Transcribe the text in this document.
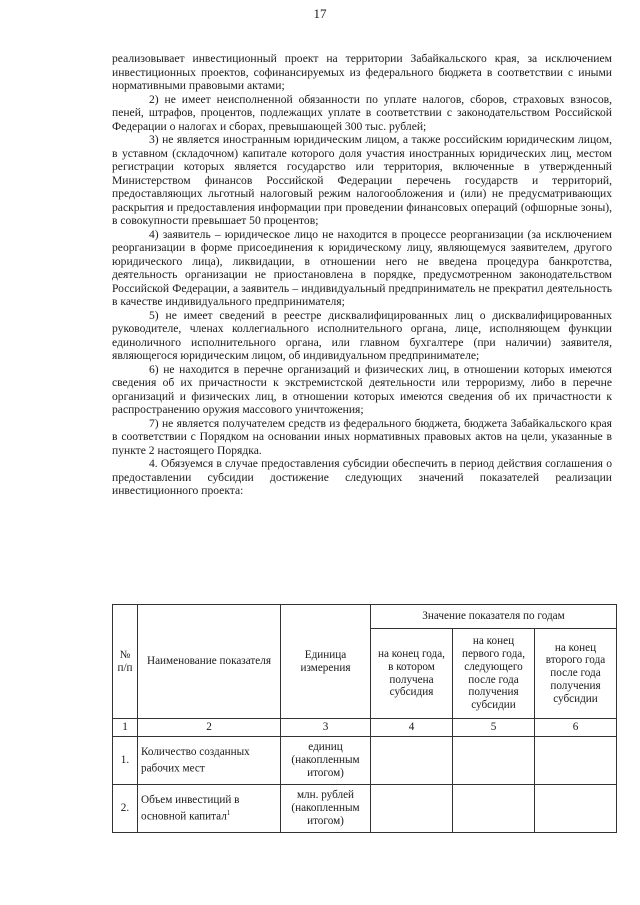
17

реализовывает инвестиционный проект на территории Забайкальского края, за исключением инвестиционных проектов, софинансируемых из федерального бюджета в соответствии с иными нормативными правовыми актами;

2) не имеет неисполненной обязанности по уплате налогов, сборов, страховых взносов, пеней, штрафов, процентов, подлежащих уплате в соответствии с законодательством Российской Федерации о налогах и сборах, превышающей 300 тыс. рублей;

3) не является иностранным юридическим лицом, а также российским юридическим лицом, в уставном (складочном) капитале которого доля участия иностранных юридических лиц, местом регистрации которых является государство или территория, включенные в утвержденный Министерством финансов Российской Федерации перечень государств и территорий, предоставляющих льготный налоговый режим налогообложения и (или) не предусматривающих раскрытия и предоставления информации при проведении финансовых операций (офшорные зоны), в совокупности превышает 50 процентов;

4) заявитель – юридическое лицо не находится в процессе реорганизации (за исключением реорганизации в форме присоединения к юридическому лицу, являющемуся заявителем, другого юридического лица), ликвидации, в отношении него не введена процедура банкротства, деятельность организации не приостановлена в порядке, предусмотренном законодательством Российской Федерации, а заявитель – индивидуальный предприниматель не прекратил деятельность в качестве индивидуального предпринимателя;

5) не имеет сведений в реестре дисквалифицированных лиц о дисквалифицированных руководителе, членах коллегиального исполнительного органа, лице, исполняющем функции единоличного исполнительного органа, или главном бухгалтере (при наличии) заявителя, являющегося юридическим лицом, об индивидуальном предпринимателе;

6) не находится в перечне организаций и физических лиц, в отношении которых имеются сведения об их причастности к экстремистской деятельности или терроризму, либо в перечне организаций и физических лиц, в отношении которых имеются сведения об их причастности к распространению оружия массового уничтожения;

7) не является получателем средств из федерального бюджета, бюджета Забайкальского края в соответствии с Порядком на основании иных нормативных правовых актов на цели, указанные в пункте 2 настоящего Порядка.

4. Обязуемся в случае предоставления субсидии обеспечить в период действия соглашения о предоставлении субсидии достижение следующих значений показателей реализации инвестиционного проекта:

№ п/п	Наименование показателя	Единица измерения	Значение показателя по годам		
			на конец года, в котором получена субсидия	на конец первого года, следующего после года получения субсидии	на конец второго года после года получения субсидии
1	2	3	4	5	6
1.	Количество созданных рабочих мест	единиц (накопленным итогом)			
2.	Объем инвестиций в основной капитал$^1$	млн. рублей (накопленным итогом)			
